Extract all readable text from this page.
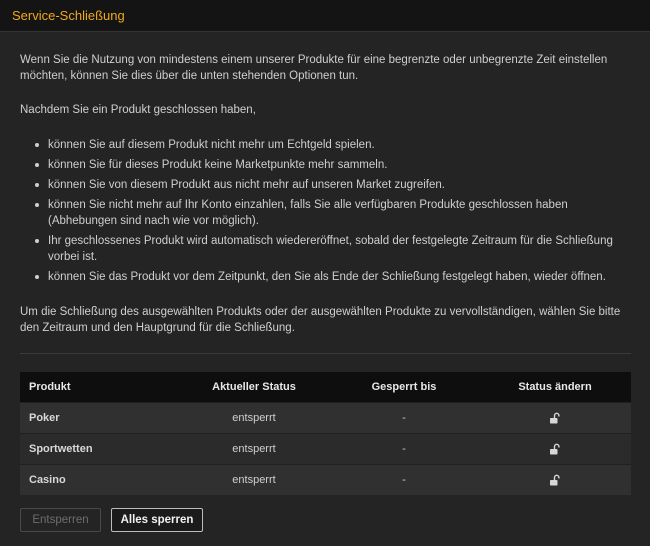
Service-Schließung
Wenn Sie die Nutzung von mindestens einem unserer Produkte für eine begrenzte oder unbegrenzte Zeit einstellen möchten, können Sie dies über die unten stehenden Optionen tun.
Nachdem Sie ein Produkt geschlossen haben,
können Sie auf diesem Produkt nicht mehr um Echtgeld spielen.
können Sie für dieses Produkt keine Marketpunkte mehr sammeln.
können Sie von diesem Produkt aus nicht mehr auf unseren Market zugreifen.
können Sie nicht mehr auf Ihr Konto einzahlen, falls Sie alle verfügbaren Produkte geschlossen haben (Abhebungen sind nach wie vor möglich).
Ihr geschlossenes Produkt wird automatisch wiedereröffnet, sobald der festgelegte Zeitraum für die Schließung vorbei ist.
können Sie das Produkt vor dem Zeitpunkt, den Sie als Ende der Schließung festgelegt haben, wieder öffnen.
Um die Schließung des ausgewählten Produkts oder der ausgewählten Produkte zu vervollständigen, wählen Sie bitte den Zeitraum und den Hauptgrund für die Schließung.
Produkt	Aktueller Status	Gesperrt bis	Status ändern
Poker	entsperrt	-	
Sportwetten	entsperrt	-	
Casino	entsperrt	-	
Entsperren	Alles sperren
